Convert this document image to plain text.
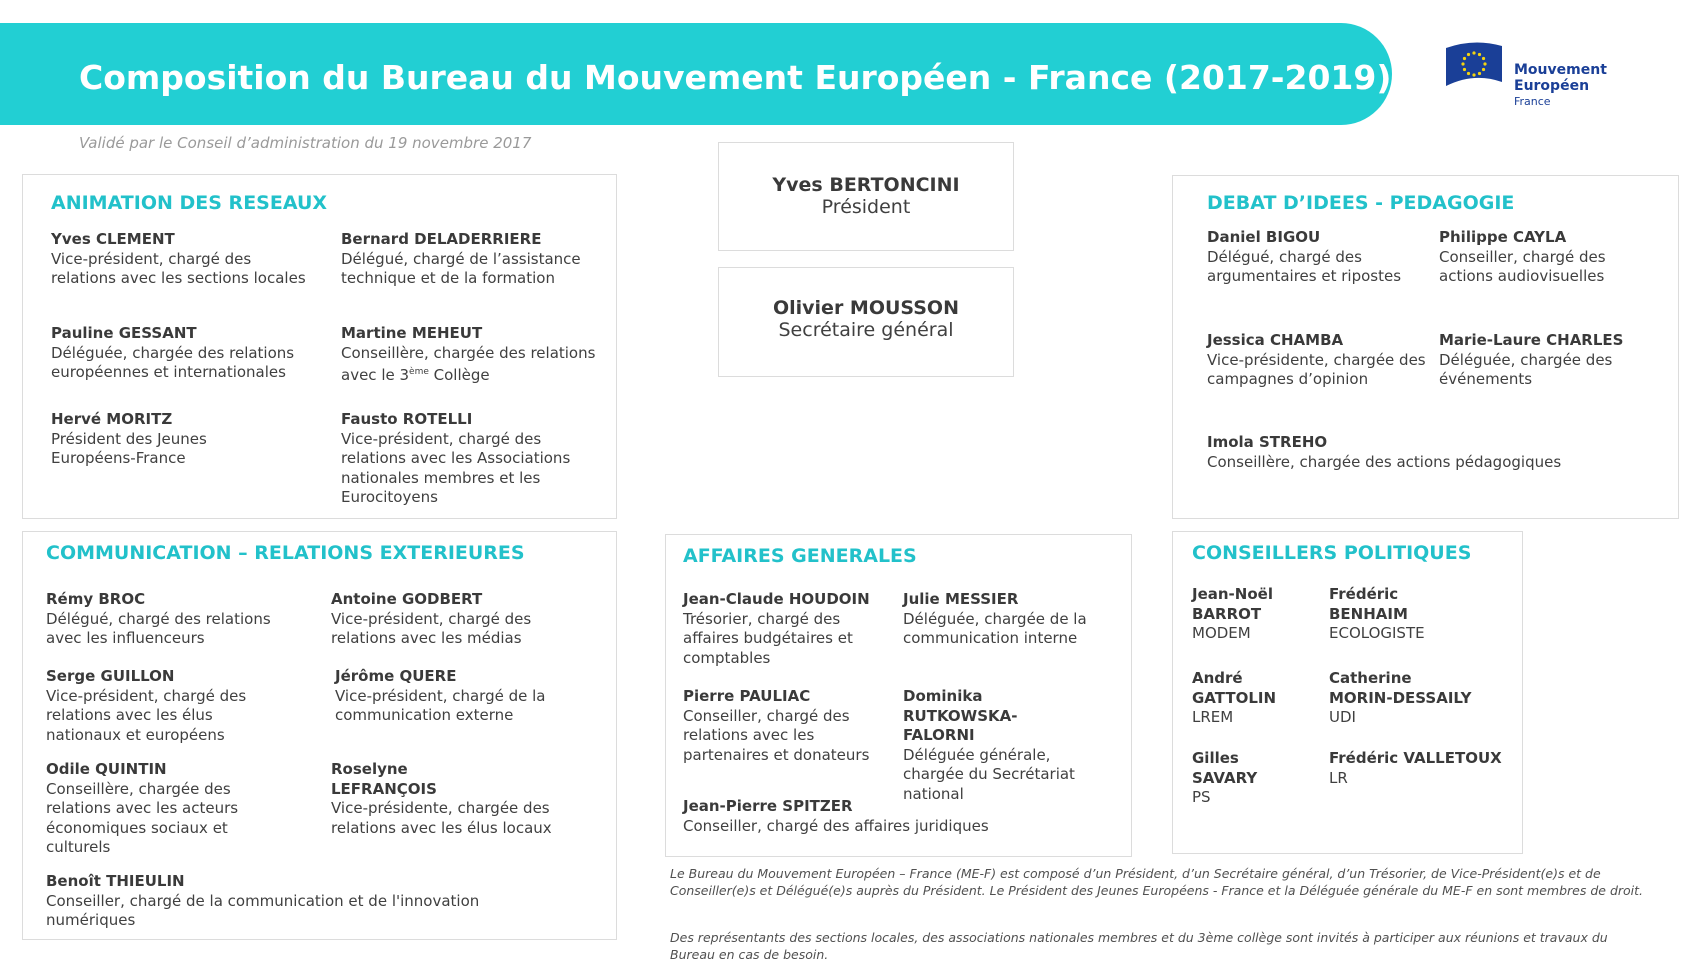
Composition du Bureau du Mouvement Européen - France (2017-2019)	Mouvement
Européen
France
Validé par le Conseil d’administration du 19 novembre 2017
ANIMATION DES RESEAUX
Yves CLEMENT
Vice-président, chargé des relations avec les sections locales
Bernard DELADERRIERE
Délégué, chargé de l’assistance technique et de la formation
Pauline GESSANT
Déléguée, chargée des relations européennes et internationales
Martine MEHEUT
Conseillère, chargée des relations avec le 3ème Collège
Hervé MORITZ
Président des Jeunes Européens-France
Fausto ROTELLI
Vice-président, chargé des relations avec les Associations nationales membres et les Eurocitoyens
Yves BERTONCINI
Président
Olivier MOUSSON
Secrétaire général
DEBAT D’IDEES - PEDAGOGIE
Daniel BIGOU
Délégué, chargé des argumentaires et ripostes
Philippe CAYLA
Conseiller, chargé des actions audiovisuelles
Jessica CHAMBA
Vice-présidente, chargée des campagnes d’opinion
Marie-Laure CHARLES
Déléguée, chargée des événements
Imola STREHO
Conseillère, chargée des actions pédagogiques
COMMUNICATION – RELATIONS EXTERIEURES
Rémy BROC
Délégué, chargé des relations avec les influenceurs
Antoine GODBERT
Vice-président, chargé des relations avec les médias
Serge GUILLON
Vice-président, chargé des relations avec les élus nationaux et européens
Jérôme QUERE
Vice-président, chargé de la communication externe
Odile QUINTIN
Conseillère, chargée des relations avec les acteurs économiques sociaux et culturels
Roselyne LEFRANÇOIS
Vice-présidente, chargée des relations avec les élus locaux
Benoît THIEULIN
Conseiller, chargé de la communication et de l'innovation numériques
AFFAIRES GENERALES
Jean-Claude HOUDOIN
Trésorier, chargé des affaires budgétaires et comptables
Julie MESSIER
Déléguée, chargée de la communication interne
Pierre PAULIAC
Conseiller, chargé des relations avec les partenaires et donateurs
Dominika RUTKOWSKA-FALORNI
Déléguée générale, chargée du Secrétariat national
Jean-Pierre SPITZER
Conseiller, chargé des affaires juridiques
CONSEILLERS POLITIQUES
Jean-Noël BARROT
MODEM
Frédéric BENHAIM
ECOLOGISTE
André GATTOLIN
LREM
Catherine MORIN-DESSAILY
UDI
Gilles SAVARY
PS
Frédéric VALLETOUX
LR
Le Bureau du Mouvement Européen – France (ME-F) est composé d’un Président, d’un Secrétaire général, d’un Trésorier, de Vice-Président(e)s et de Conseiller(e)s et Délégué(e)s auprès du Président. Le Président des Jeunes Européens - France et la Déléguée générale du ME-F en sont membres de droit.
Des représentants des sections locales, des associations nationales membres et du 3ème collège sont invités à participer aux réunions et travaux du Bureau en cas de besoin.
